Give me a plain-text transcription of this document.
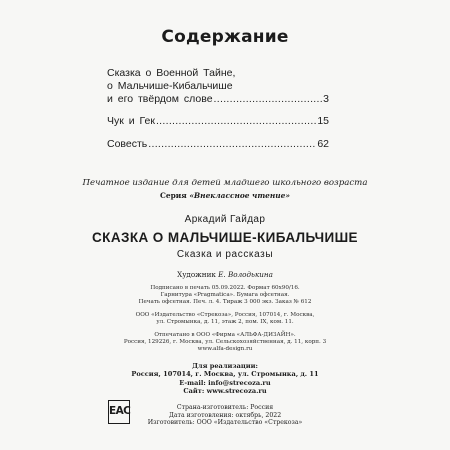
Содержание
Сказка о Военной Тайне,
о Мальчише-Кибальчише
и его твёрдом слове .....	3
Чук и Гек .....	15
Совесть .....	62
Печатное издание для детей младшего школьного возраста
Серия «Внеклассное чтение»
Аркадий Гайдар
СКАЗКА О МАЛЬЧИШЕ-КИБАЛЬЧИШЕ
Сказка и рассказы
Художник Е. Володькина
Подписано в печать 05.09.2022. Формат 60x90/16.
Гарнитура «Pragmatica». Бумага офсетная.
Печать офсетная. Печ. л. 4. Тираж 3 000 экз. Заказ № 612
ООО «Издательство «Стрекоза», Россия, 107014, г. Москва,
ул. Стромынка, д. 11, этаж 2, пом. IX, ком. 11.
Отпечатано в ООО «Фирма «АЛЬФА-ДИЗАЙН».
Россия, 129226, г. Москва, ул. Сельскохозяйственная, д. 11, корп. 3
www.alfa-design.ru
Для реализации:
Россия, 107014, г. Москва, ул. Стромынка, д. 11
E-mail: info@strecoza.ru
Сайт: www.strecoza.ru
EAC	Страна-изготовитель: Россия
Дата изготовления: октябрь, 2022
Изготовитель: ООО «Издательство «Стрекоза»
